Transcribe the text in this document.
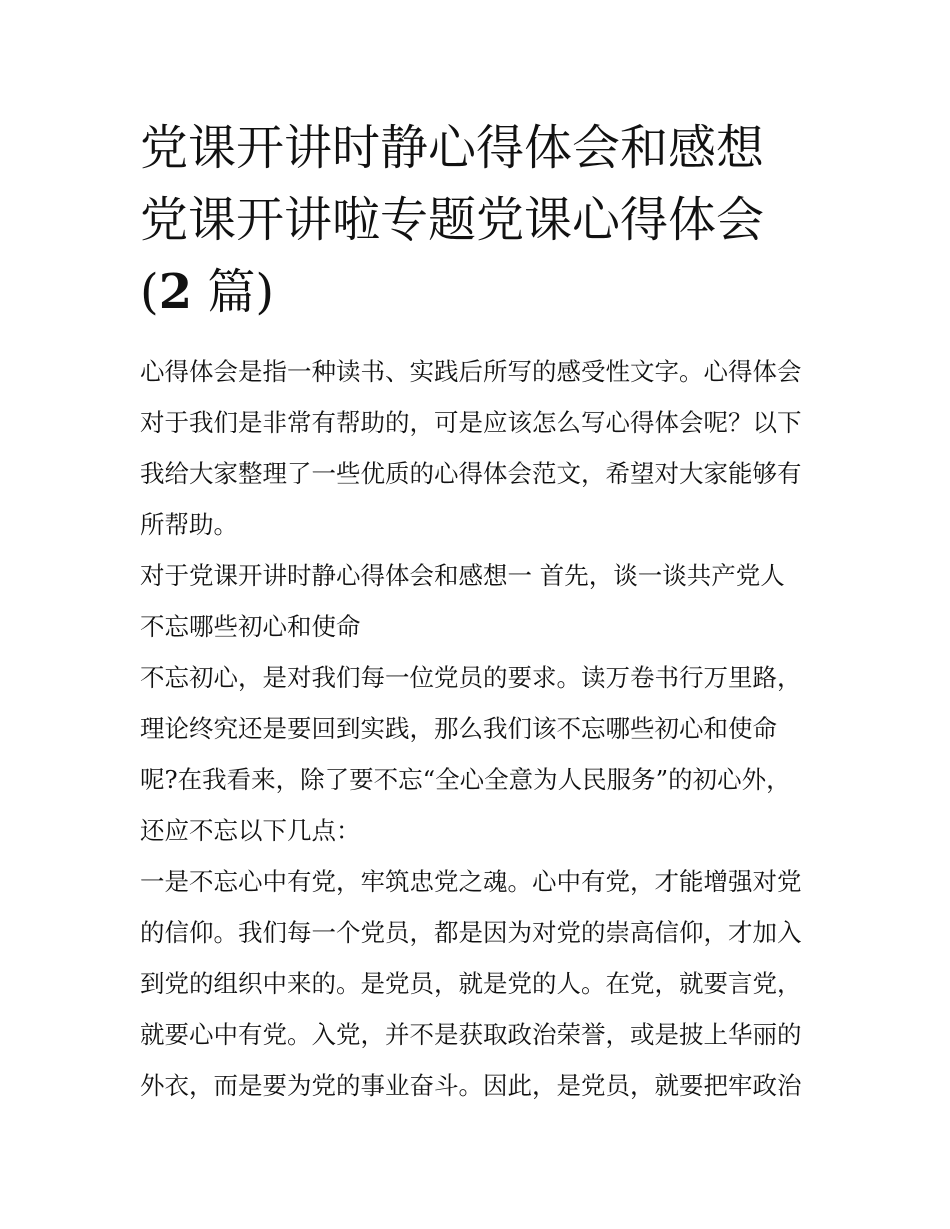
党课开讲时静心得体会和感想
党课开讲啦专题党课心得体会
(2 篇)

心得体会是指一种读书、实践后所写的感受性文字。心得体会
对于我们是非常有帮助的，可是应该怎么写心得体会呢？以下
我给大家整理了一些优质的心得体会范文，希望对大家能够有
所帮助。

对于党课开讲时静心得体会和感想一 首先，谈一谈共产党人
不忘哪些初心和使命

不忘初心，是对我们每一位党员的要求。读万卷书行万里路，
理论终究还是要回到实践，那么我们该不忘哪些初心和使命
呢?在我看来，除了要不忘“全心全意为人民服务”的初心外，
还应不忘以下几点：

一是不忘心中有党，牢筑忠党之魂。心中有党，才能增强对党
的信仰。我们每一个党员，都是因为对党的崇高信仰，才加入
到党的组织中来的。是党员，就是党的人。在党，就要言党，
就要心中有党。入党，并不是获取政治荣誉，或是披上华丽的
外衣，而是要为党的事业奋斗。因此，是党员，就要把牢政治
